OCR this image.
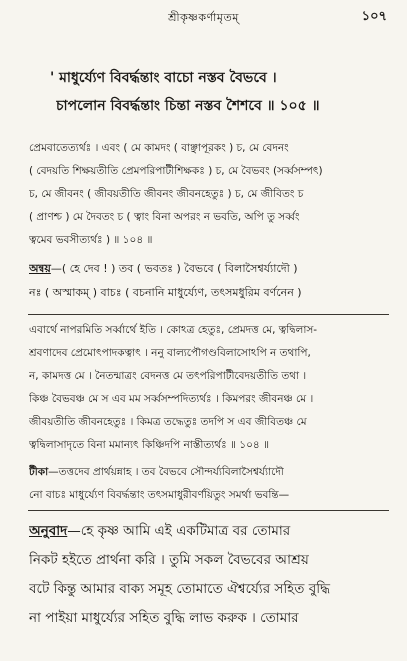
শ্রীকৃষ্ণকর্ণামৃতম্	১০৭
' মাধুর্য্যেণ বিবর্দ্ধন্তাং বাচো নস্তব বৈভবে ।
চাপলোন বিবর্দ্ধন্তাং চিন্তা নস্তব শৈশবে ॥ ১০৫ ॥
প্রেমবাতেত্যর্থঃ । এবং ( মে কামদং ( বাঞ্ছাপূরকং ) চ, মে বেদনং
( বেদয়তি শিক্ষয়তীতি প্রেমপরিপাটীশিক্ষকঃ ) চ, মে বৈভবং (সর্ব্বসম্পৎ)
চ, মে জীবনং ( জীবয়তীতি জীবনং জীবনহেতুঃ ) চ, মে জীবিতং চ
( প্রাণশ্চ ) মে দৈবতং চ ( ত্বাং বিনা অপরং ন ভবতি, অপি তু সর্ব্বং
ত্বমেব ভবসীত্যর্থঃ ) ॥ ১০৪ ॥
অন্বয়—( হে দেব ! ) তব ( ভবতঃ ) বৈভবে ( বিলাসৈশ্বর্য্যাদৌ )
নঃ ( অস্মাকম্ ) বাচঃ ( বচনানি মাধুর্য্যেণ, তৎসমধুরিম বর্ণনেন )
এবার্থে নাপরমিতি সর্ব্বার্থে ইতি । কোঽত্র হেতুঃ, প্রেমদত্ত মে, ত্বদ্বিলাস-
শ্রবণাদেব প্রেমোৎপাদকত্বাৎ । ননু বাল্যপৌগণ্ডবিলাসোঽপি ন তথাপি,
ন, কামদত্ত মে । নৈতন্মাত্রং বেদনত্ত মে তৎপরিপাটীবেদয়তীতি তথা ।
কিঞ্চ বৈভবঞ্চ মে স এব মম সর্ব্বসম্পদিত্যর্থঃ । কিমপরং জীবনঞ্চ মে ।
জীবয়তীতি জীবনহেতুঃ । কিমত্র তদ্ধেতুঃ তদপি স এব জীবিতঞ্চ মে
ত্বদ্বিলাসাদৃতে বিনা মমান্যৎ কিঞ্চিদপি নাস্তীত্যর্থঃ ॥ ১০৪ ॥
টীকা—তত্তদেব প্রার্থয়ন্নাহ । তব বৈভবে সৌন্দর্য্যবিলাসৈশ্বর্য্যাদৌ
নো বাচঃ মাধুর্য্যেণ বিবর্দ্ধন্তাং তৎসমাধুরীবর্ণয়িতুং সমর্থা ভবন্তি—
অনুবাদ—হে কৃষ্ণ আমি এই একটিমাত্র বর তোমার
নিকট হইতে প্রার্থনা করি । তুমি সকল বৈভবের আশ্রয়
বটে কিন্তু আমার বাক্য সমূহ তোমাতে ঐশ্বর্য্যের সহিত বুদ্ধি
না পাইয়া মাধুর্য্যের সহিত বুদ্ধি লাভ করুক । তোমার
